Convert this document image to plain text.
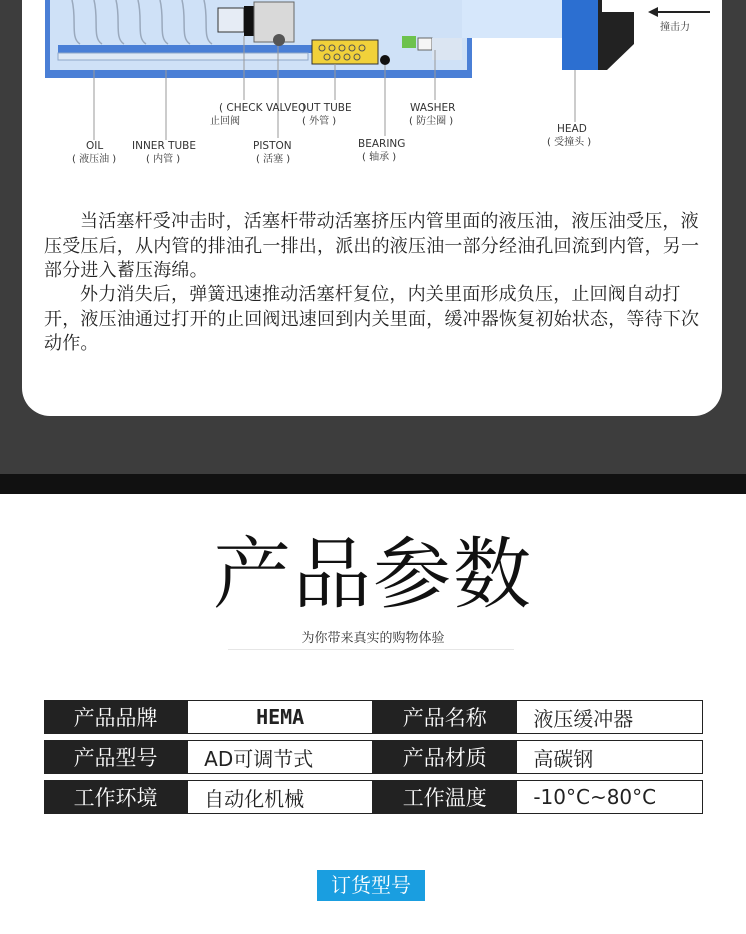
撞击力
( CHECK VALVE )
止回阀
OUT TUBE
( 外管 )
WASHER
( 防尘圈 )
OIL
( 液压油 )
INNER TUBE
( 内管 )
PISTON
( 活塞 )
BEARING
( 轴承 )
HEAD
( 受撞头 )

当活塞杆受冲击时，活塞杆带动活塞挤压内管里面的液压油，液压油受压，液压受压后，从内管的排油孔一排出，派出的液压油一部分经油孔回流到内管，另一部分进入蓄压海绵。

外力消失后，弹簧迅速推动活塞杆复位，内关里面形成负压，止回阀自动打开，液压油通过打开的止回阀迅速回到内关里面，缓冲器恢复初始状态，等待下次动作。

产品参数
为你带来真实的购物体验
产品品牌	HEMA	产品名称	液压缓冲器
产品型号	AD可调节式	产品材质	高碳钢
工作环境	自动化机械	工作温度	-10°C~80°C
订货型号
